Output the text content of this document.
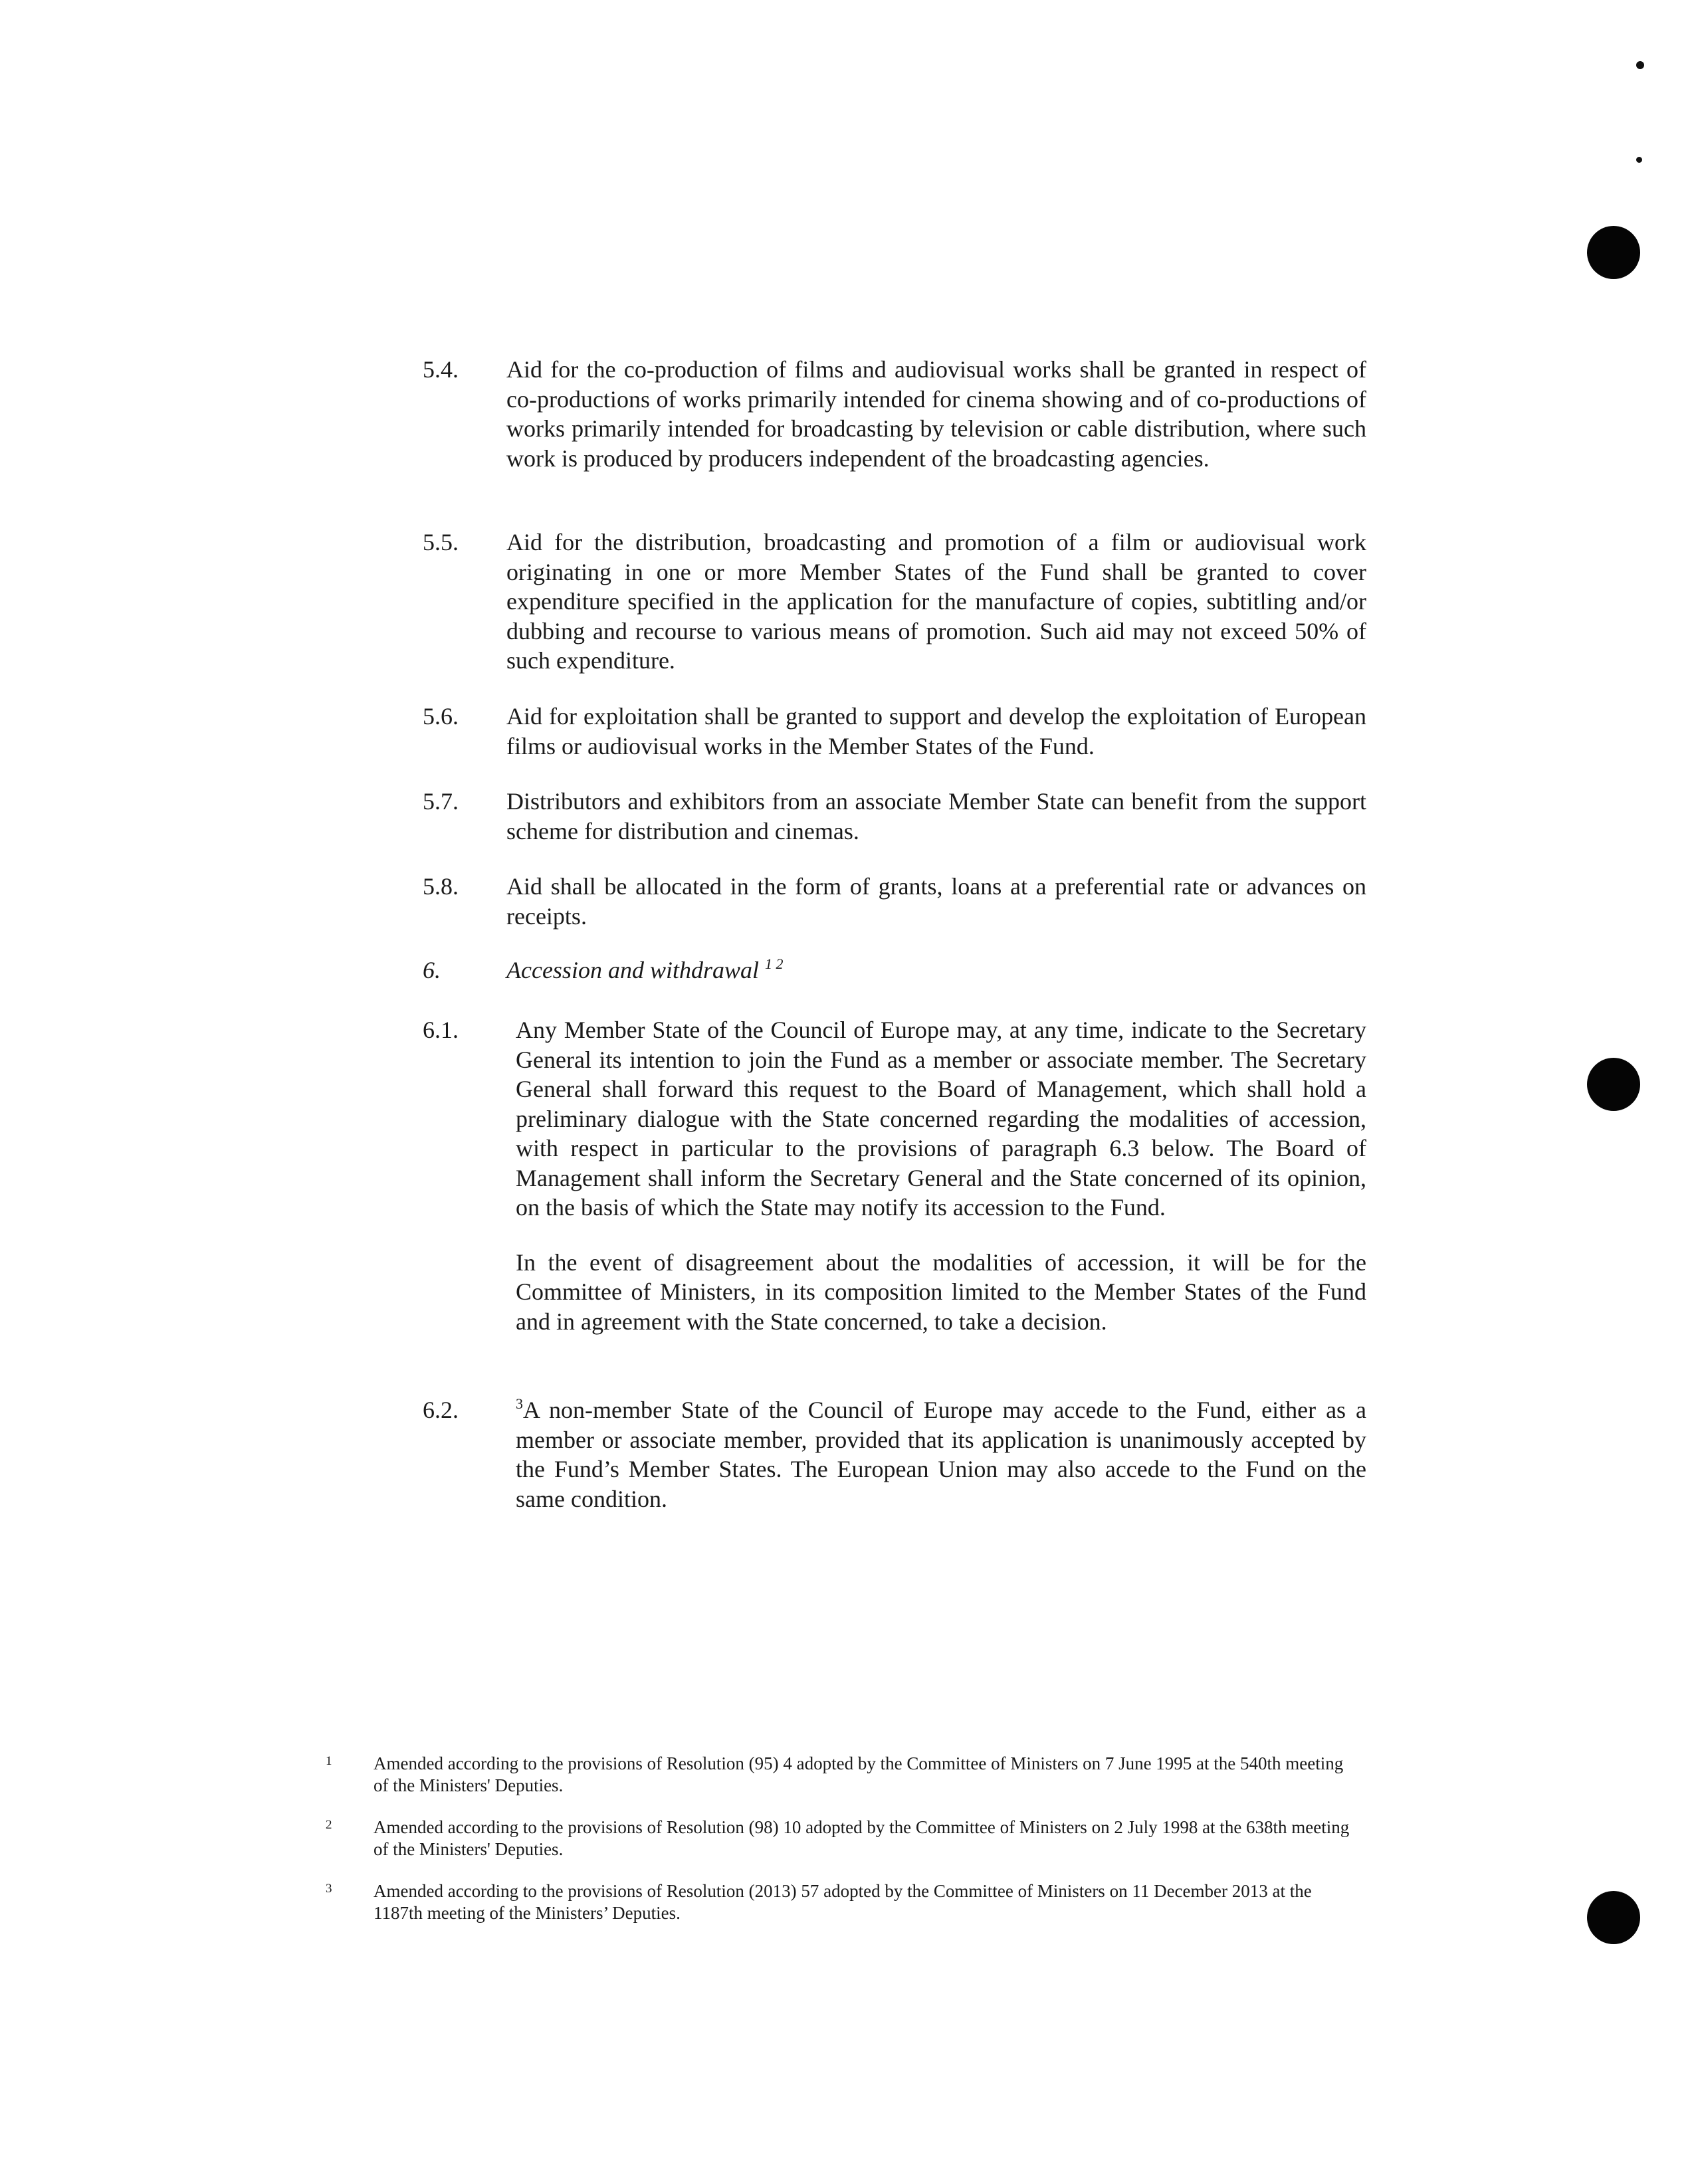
5.4.	Aid for the co-production of films and audiovisual works shall be granted in respect of co-productions of works primarily intended for cinema showing and of co-productions of works primarily intended for broadcasting by television or cable distribution, where such work is produced by producers independent of the broadcasting agencies.

5.5.	Aid for the distribution, broadcasting and promotion of a film or audiovisual work originating in one or more Member States of the Fund shall be granted to cover expenditure specified in the application for the manufacture of copies, subtitling and/or dubbing and recourse to various means of promotion. Such aid may not exceed 50% of such expenditure.

5.6.	Aid for exploitation shall be granted to support and develop the exploitation of European films or audiovisual works in the Member States of the Fund.

5.7.	Distributors and exhibitors from an associate Member State can benefit from the support scheme for distribution and cinemas.

5.8.	Aid shall be allocated in the form of grants, loans at a preferential rate or advances on receipts.

6.	Accession and withdrawal $^{1 2}$

6.1.	Any Member State of the Council of Europe may, at any time, indicate to the Secretary General its intention to join the Fund as a member or associate member. The Secretary General shall forward this request to the Board of Management, which shall hold a preliminary dialogue with the State concerned regarding the modalities of accession, with respect in particular to the provisions of paragraph 6.3 below. The Board of Management shall inform the Secretary General and the State concerned of its opinion, on the basis of which the State may notify its accession to the Fund.

In the event of disagreement about the modalities of accession, it will be for the Committee of Ministers, in its composition limited to the Member States of the Fund and in agreement with the State concerned, to take a decision.

6.2.	$^3$A non-member State of the Council of Europe may accede to the Fund, either as a member or associate member, provided that its application is unanimously accepted by the Fund’s Member States. The European Union may also accede to the Fund on the same condition.

1 Amended according to the provisions of Resolution (95) 4 adopted by the Committee of Ministers on 7 June 1995 at the 540th meeting of the Ministers' Deputies.
2 Amended according to the provisions of Resolution (98) 10 adopted by the Committee of Ministers on 2 July 1998 at the 638th meeting of the Ministers' Deputies.
3 Amended according to the provisions of Resolution (2013) 57 adopted by the Committee of Ministers on 11 December 2013 at the 1187th meeting of the Ministers’ Deputies.
